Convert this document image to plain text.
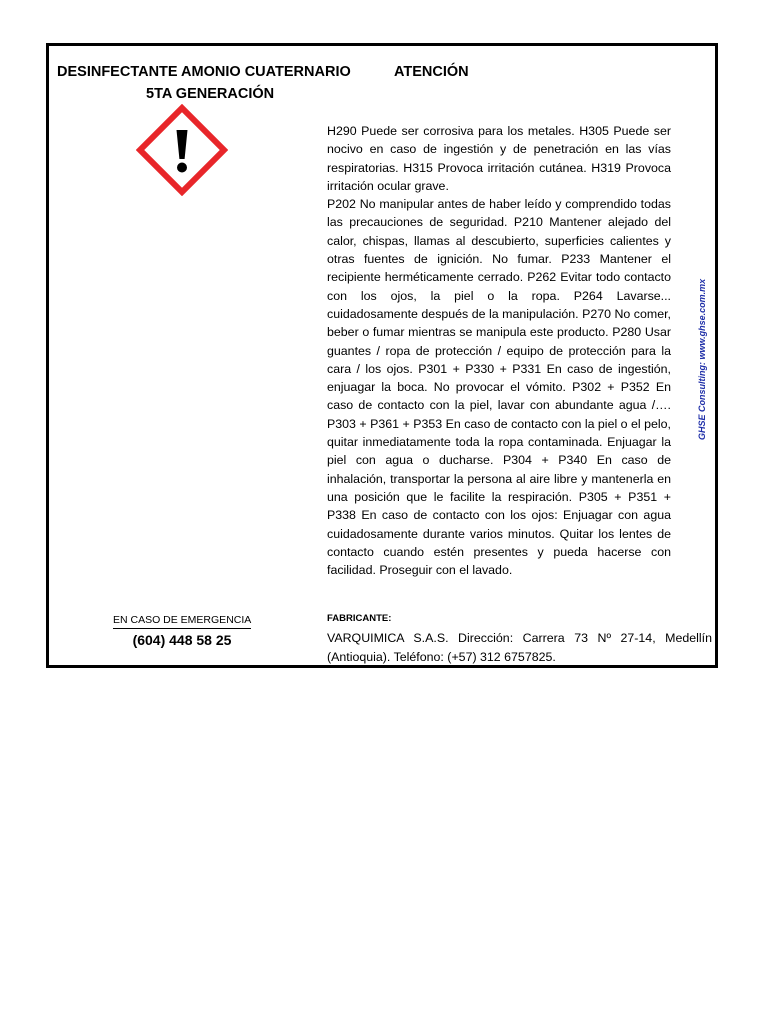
DESINFECTANTE AMONIO CUATERNARIO	ATENCIÓN
5TA GENERACIÓN

H290 Puede ser corrosiva para los metales. H305 Puede ser nocivo en caso de ingestión y de penetración en las vías respiratorias. H315 Provoca irritación cutánea. H319 Provoca irritación ocular grave.

P202 No manipular antes de haber leído y comprendido todas las precauciones de seguridad. P210 Mantener alejado del calor, chispas, llamas al descubierto, superficies calientes y otras fuentes de ignición. No fumar. P233 Mantener el recipiente herméticamente cerrado. P262 Evitar todo contacto con los ojos, la piel o la ropa. P264 Lavarse... cuidadosamente después de la manipulación. P270 No comer, beber o fumar mientras se manipula este producto. P280 Usar guantes / ropa de protección / equipo de protección para la cara / los ojos. P301 + P330 + P331 En caso de ingestión, enjuagar la boca. No provocar el vómito. P302 + P352 En caso de contacto con la piel, lavar con abundante agua /…. P303 + P361 + P353 En caso de contacto con la piel o el pelo, quitar inmediatamente toda la ropa contaminada. Enjuagar la piel con agua o ducharse. P304 + P340 En caso de inhalación, transportar la persona al aire libre y mantenerla en una posición que le facilite la respiración. P305 + P351 + P338 En caso de contacto con los ojos: Enjuagar con agua cuidadosamente durante varios minutos. Quitar los lentes de contacto cuando estén presentes y pueda hacerse con facilidad. Proseguir con el lavado.

GHSE Consulting: www.ghse.com.mx
EN CASO DE EMERGENCIA
(604) 448 58 25
FABRICANTE:
VARQUIMICA S.A.S. Dirección: Carrera 73 Nº 27-14, Medellín (Antioquia). Teléfono: (+57) 312 6757825.
